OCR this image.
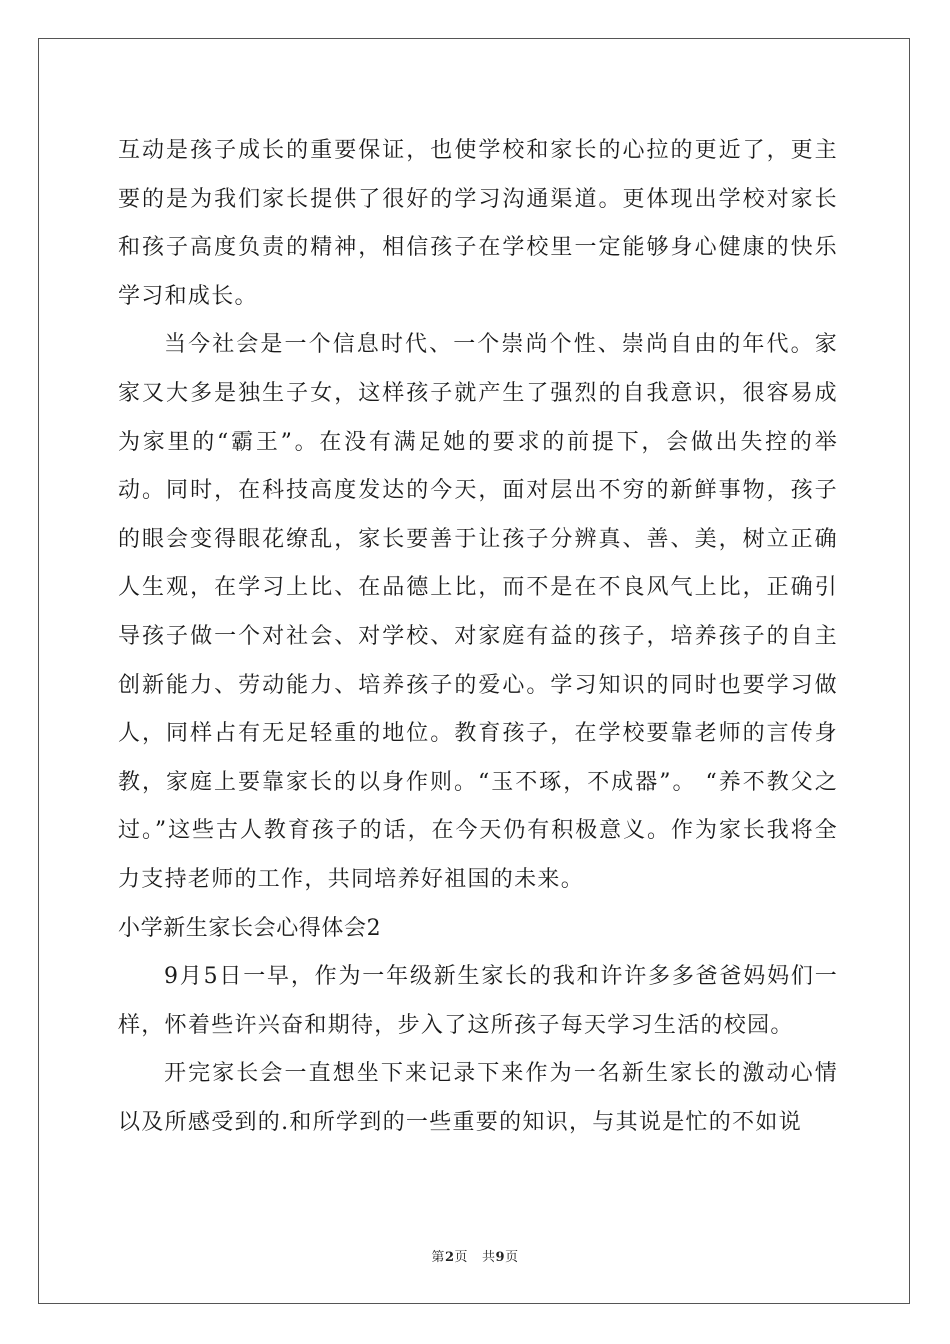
互动是孩子成长的重要保证，也使学校和家长的心拉的更近了，更主要的是为我们家长提供了很好的学习沟通渠道。更体现出学校对家长和孩子高度负责的精神，相信孩子在学校里一定能够身心健康的快乐学习和成长。

当今社会是一个信息时代、一个崇尚个性、崇尚自由的年代。家家又大多是独生子女，这样孩子就产生了强烈的自我意识，很容易成为家里的“霸王”。在没有满足她的要求的前提下，会做出失控的举动。同时，在科技高度发达的今天，面对层出不穷的新鲜事物，孩子的眼会变得眼花缭乱，家长要善于让孩子分辨真、善、美，树立正确人生观，在学习上比、在品德上比，而不是在不良风气上比，正确引导孩子做一个对社会、对学校、对家庭有益的孩子，培养孩子的自主创新能力、劳动能力、培养孩子的爱心。学习知识的同时也要学习做人，同样占有无足轻重的地位。教育孩子，在学校要靠老师的言传身教，家庭上要靠家长的以身作则。“玉不琢，不成器”。 “养不教父之过。”这些古人教育孩子的话，在今天仍有积极意义。作为家长我将全力支持老师的工作，共同培养好祖国的未来。

小学新生家长会心得体会2

9月5日一早，作为一年级新生家长的我和许许多多爸爸妈妈们一样，怀着些许兴奋和期待，步入了这所孩子每天学习生活的校园。

开完家长会一直想坐下来记录下来作为一名新生家长的激动心情以及所感受到的.和所学到的一些重要的知识，与其说是忙的不如说

第2页 共9页
